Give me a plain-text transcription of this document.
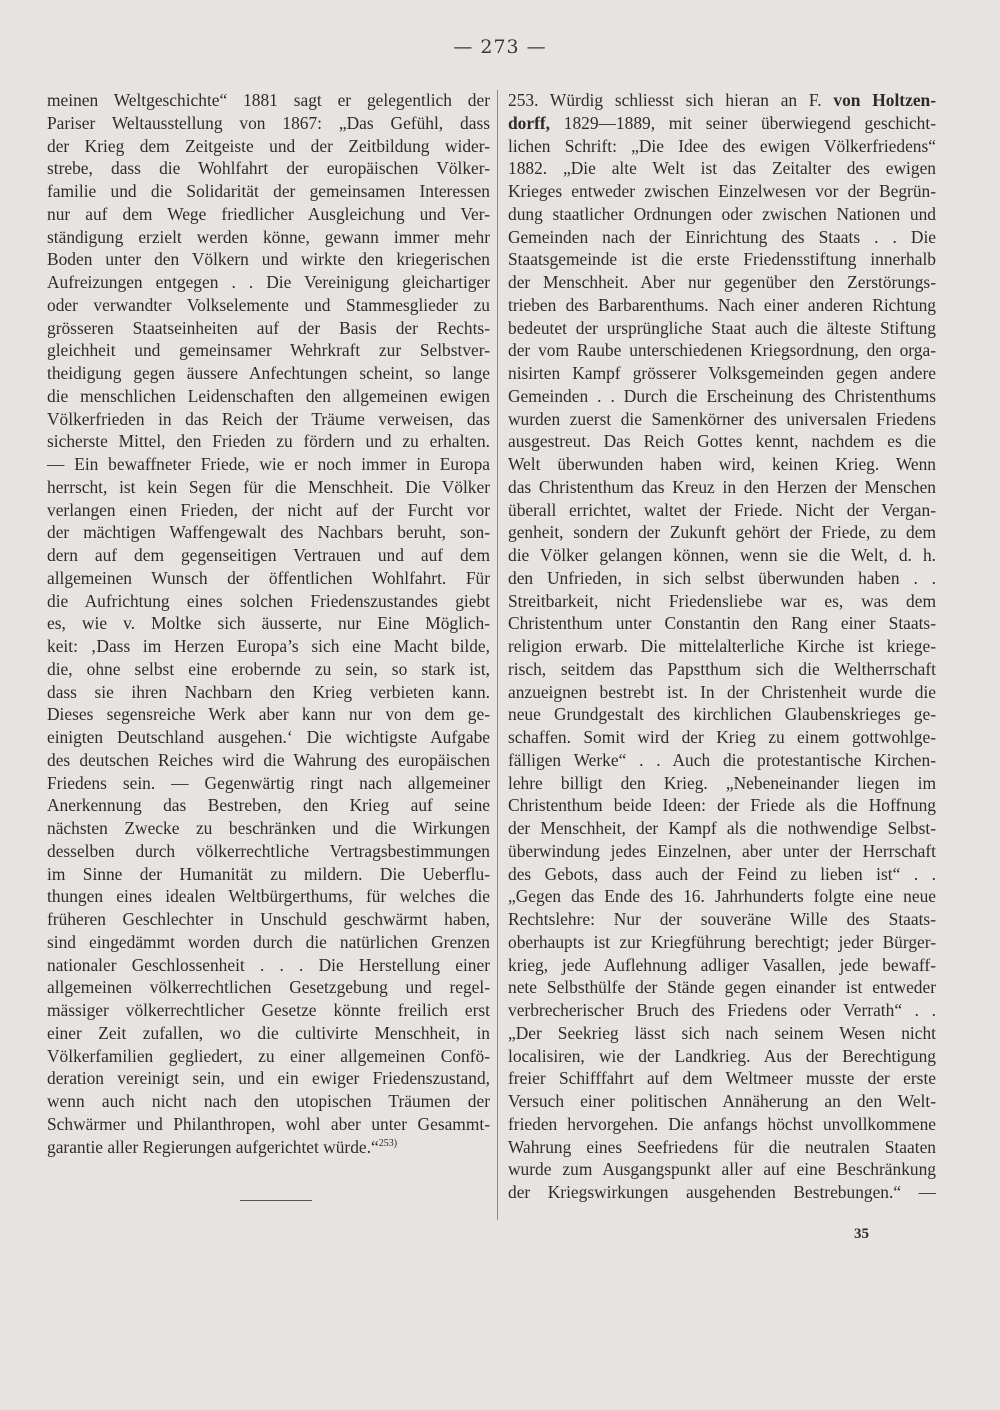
— 273 —
meinen Weltgeschichte“ 1881 sagt er gelegentlich der
Pariser Weltausstellung von 1867: „Das Gefühl, dass
der Krieg dem Zeitgeiste und der Zeitbildung wider-
strebe, dass die Wohlfahrt der europäischen Völker-
familie und die Solidarität der gemeinsamen Interessen
nur auf dem Wege friedlicher Ausgleichung und Ver-
ständigung erzielt werden könne, gewann immer mehr
Boden unter den Völkern und wirkte den kriegerischen
Aufreizungen entgegen . . Die Vereinigung gleichartiger
oder verwandter Volkselemente und Stammesglieder zu
grösseren Staatseinheiten auf der Basis der Rechts-
gleichheit und gemeinsamer Wehrkraft zur Selbstver-
theidigung gegen äussere Anfechtungen scheint, so lange
die menschlichen Leidenschaften den allgemeinen ewigen
Völkerfrieden in das Reich der Träume verweisen, das
sicherste Mittel, den Frieden zu fördern und zu erhalten.
— Ein bewaffneter Friede, wie er noch immer in Europa
herrscht, ist kein Segen für die Menschheit. Die Völker
verlangen einen Frieden, der nicht auf der Furcht vor
der mächtigen Waffengewalt des Nachbars beruht, son-
dern auf dem gegenseitigen Vertrauen und auf dem
allgemeinen Wunsch der öffentlichen Wohlfahrt. Für
die Aufrichtung eines solchen Friedenszustandes giebt
es, wie v. Moltke sich äusserte, nur Eine Möglich-
keit: ‚Dass im Herzen Europa’s sich eine Macht bilde,
die, ohne selbst eine erobernde zu sein, so stark ist,
dass sie ihren Nachbarn den Krieg verbieten kann.
Dieses segensreiche Werk aber kann nur von dem ge-
einigten Deutschland ausgehen.‘ Die wichtigste Aufgabe
des deutschen Reiches wird die Wahrung des europäischen
Friedens sein. — Gegenwärtig ringt nach allgemeiner
Anerkennung das Bestreben, den Krieg auf seine
nächsten Zwecke zu beschränken und die Wirkungen
desselben durch völkerrechtliche Vertragsbestimmungen
im Sinne der Humanität zu mildern. Die Ueberflu-
thungen eines idealen Weltbürgerthums, für welches die
früheren Geschlechter in Unschuld geschwärmt haben,
sind eingedämmt worden durch die natürlichen Grenzen
nationaler Geschlossenheit . . . Die Herstellung einer
allgemeinen völkerrechtlichen Gesetzgebung und regel-
mässiger völkerrechtlicher Gesetze könnte freilich erst
einer Zeit zufallen, wo die cultivirte Menschheit, in
Völkerfamilien gegliedert, zu einer allgemeinen Confö-
deration vereinigt sein, und ein ewiger Friedenszustand,
wenn auch nicht nach den utopischen Träumen der
Schwärmer und Philanthropen, wohl aber unter Gesammt-
garantie aller Regierungen aufgerichtet würde.“$^{253)}$
253. Würdig schliesst sich hieran an F. von Holtzen-
dorff, 1829—1889, mit seiner überwiegend geschicht-
lichen Schrift: „Die Idee des ewigen Völkerfriedens“
1882. „Die alte Welt ist das Zeitalter des ewigen
Krieges entweder zwischen Einzelwesen vor der Begrün-
dung staatlicher Ordnungen oder zwischen Nationen und
Gemeinden nach der Einrichtung des Staats . . Die
Staatsgemeinde ist die erste Friedensstiftung innerhalb
der Menschheit. Aber nur gegenüber den Zerstörungs-
trieben des Barbarenthums. Nach einer anderen Richtung
bedeutet der ursprüngliche Staat auch die älteste Stiftung
der vom Raube unterschiedenen Kriegsordnung, den orga-
nisirten Kampf grösserer Volksgemeinden gegen andere
Gemeinden . . Durch die Erscheinung des Christenthums
wurden zuerst die Samenkörner des universalen Friedens
ausgestreut. Das Reich Gottes kennt, nachdem es die
Welt überwunden haben wird, keinen Krieg. Wenn
das Christenthum das Kreuz in den Herzen der Menschen
überall errichtet, waltet der Friede. Nicht der Vergan-
genheit, sondern der Zukunft gehört der Friede, zu dem
die Völker gelangen können, wenn sie die Welt, d. h.
den Unfrieden, in sich selbst überwunden haben . .
Streitbarkeit, nicht Friedensliebe war es, was dem
Christenthum unter Constantin den Rang einer Staats-
religion erwarb. Die mittelalterliche Kirche ist kriege-
risch, seitdem das Papstthum sich die Weltherrschaft
anzueignen bestrebt ist. In der Christenheit wurde die
neue Grundgestalt des kirchlichen Glaubenskrieges ge-
schaffen. Somit wird der Krieg zu einem gottwohlge-
fälligen Werke“ . . Auch die protestantische Kirchen-
lehre billigt den Krieg. „Nebeneinander liegen im
Christenthum beide Ideen: der Friede als die Hoffnung
der Menschheit, der Kampf als die nothwendige Selbst-
überwindung jedes Einzelnen, aber unter der Herrschaft
des Gebots, dass auch der Feind zu lieben ist“ . .
„Gegen das Ende des 16. Jahrhunderts folgte eine neue
Rechtslehre: Nur der souveräne Wille des Staats-
oberhaupts ist zur Kriegführung berechtigt; jeder Bürger-
krieg, jede Auflehnung adliger Vasallen, jede bewaff-
nete Selbsthülfe der Stände gegen einander ist entweder
verbrecherischer Bruch des Friedens oder Verrath“ . .
„Der Seekrieg lässt sich nach seinem Wesen nicht
localisiren, wie der Landkrieg. Aus der Berechtigung
freier Schifffahrt auf dem Weltmeer musste der erste
Versuch einer politischen Annäherung an den Welt-
frieden hervorgehen. Die anfangs höchst unvollkommene
Wahrung eines Seefriedens für die neutralen Staaten
wurde zum Ausgangspunkt aller auf eine Beschränkung
der Kriegswirkungen ausgehenden Bestrebungen.“ —
35
